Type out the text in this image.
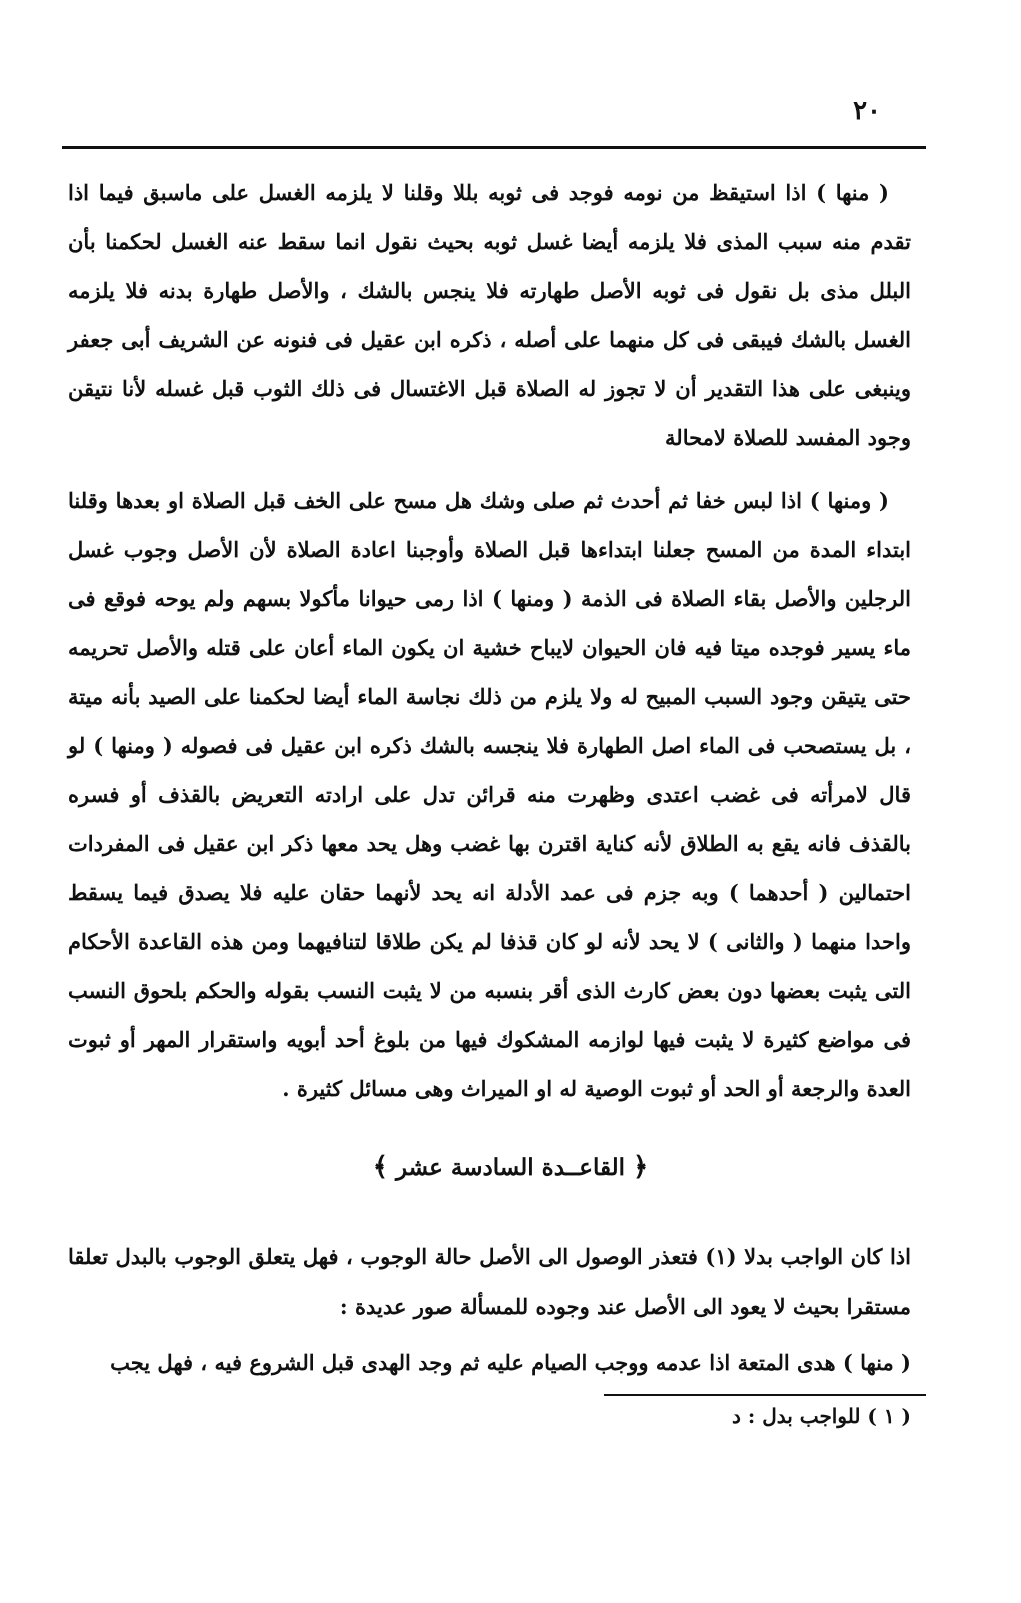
٢٠

( منها ) اذا استيقظ من نومه فوجد فى ثوبه بللا وقلنا لا يلزمه الغسل على ماسبق فيما اذا تقدم منه سبب المذى فلا يلزمه أيضا غسل ثوبه بحيث نقول انما سقط عنه الغسل لحكمنا بأن البلل مذى بل نقول فى ثوبه الأصل طهارته فلا ينجس بالشك ، والأصل طهارة بدنه فلا يلزمه الغسل بالشك فيبقى فى كل منهما على أصله ، ذكره ابن عقيل فى فنونه عن الشريف أبى جعفر وينبغى على هذا التقدير أن لا تجوز له الصلاة قبل الاغتسال فى ذلك الثوب قبل غسله لأنا نتيقن وجود المفسد للصلاة لامحالة

( ومنها ) اذا لبس خفا ثم أحدث ثم صلى وشك هل مسح على الخف قبل الصلاة او بعدها وقلنا ابتداء المدة من المسح جعلنا ابتداءها قبل الصلاة وأوجبنا اعادة الصلاة لأن الأصل وجوب غسل الرجلين والأصل بقاء الصلاة فى الذمة ( ومنها ) اذا رمى حيوانا مأكولا بسهم ولم يوحه فوقع فى ماء يسير فوجده ميتا فيه فان الحيوان لايباح خشية ان يكون الماء أعان على قتله والأصل تحريمه حتى يتيقن وجود السبب المبيح له ولا يلزم من ذلك نجاسة الماء أيضا لحكمنا على الصيد بأنه ميتة ، بل يستصحب فى الماء اصل الطهارة فلا ينجسه بالشك ذكره ابن عقيل فى فصوله ( ومنها ) لو قال لامرأته فى غضب اعتدى وظهرت منه قرائن تدل على ارادته التعريض بالقذف أو فسره بالقذف فانه يقع به الطلاق لأنه كناية اقترن بها غضب وهل يحد معها ذكر ابن عقيل فى المفردات احتمالين ( أحدهما ) وبه جزم فى عمد الأدلة انه يحد لأنهما حقان عليه فلا يصدق فيما يسقط واحدا منهما ( والثانى ) لا يحد لأنه لو كان قذفا لم يكن طلاقا لتنافيهما ومن هذه القاعدة الأحكام التى يثبت بعضها دون بعض كارث الذى أقر بنسبه من لا يثبت النسب بقوله والحكم بلحوق النسب فى مواضع كثيرة لا يثبت فيها لوازمه المشكوك فيها من بلوغ أحد أبويه واستقرار المهر أو ثبوت العدة والرجعة أو الحد أو ثبوت الوصية له او الميراث وهى مسائل كثيرة .

﴿القاعــدة السادسة عشر﴾

اذا كان الواجب بدلا (١) فتعذر الوصول الى الأصل حالة الوجوب ، فهل يتعلق الوجوب بالبدل تعلقا مستقرا بحيث لا يعود الى الأصل عند وجوده للمسألة صور عديدة :

( منها ) هدى المتعة اذا عدمه ووجب الصيام عليه ثم وجد الهدى قبل الشروع فيه ، فهل يجب

( ١ ) للواجب بدل : د
